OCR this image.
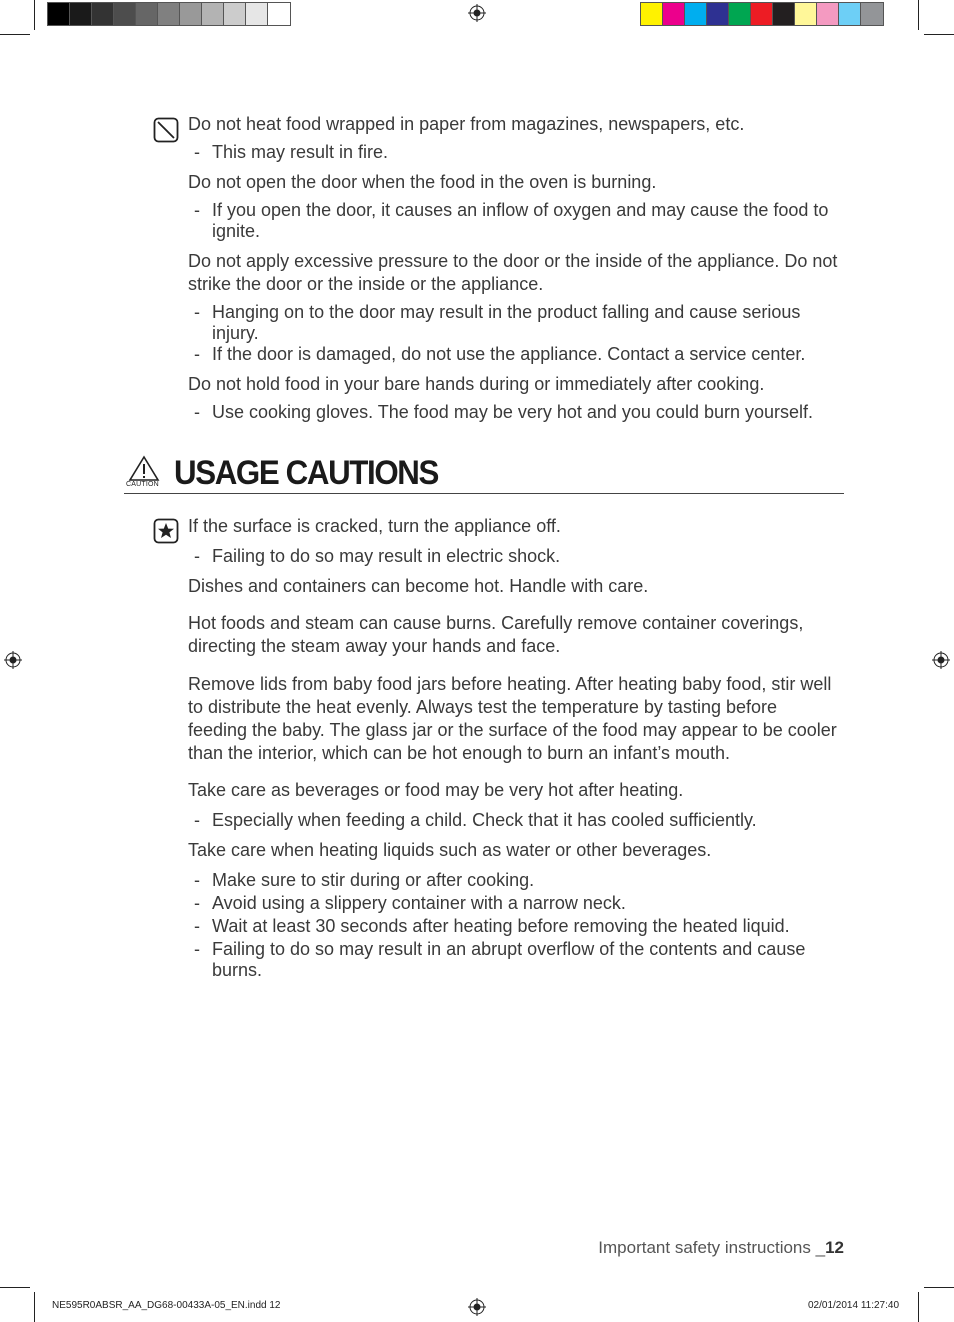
Do not heat food wrapped in paper from magazines, newspapers, etc.
- This may result in fire.
Do not open the door when the food in the oven is burning.
- If you open the door, it causes an inflow of oxygen and may cause the food to ignite.
Do not apply excessive pressure to the door or the inside of the appliance. Do not strike the door or the inside or the appliance.
- Hanging on to the door may result in the product falling and cause serious injury.
- If the door is damaged, do not use the appliance. Contact a service center.
Do not hold food in your bare hands during or immediately after cooking.
- Use cooking gloves. The food may be very hot and you could burn yourself.
CAUTION USAGE CAUTIONS
If the surface is cracked, turn the appliance off.
- Failing to do so may result in electric shock.
Dishes and containers can become hot. Handle with care.
Hot foods and steam can cause burns. Carefully remove container coverings, directing the steam away your hands and face.
Remove lids from baby food jars before heating. After heating baby food, stir well to distribute the heat evenly. Always test the temperature by tasting before feeding the baby. The glass jar or the surface of the food may appear to be cooler than the interior, which can be hot enough to burn an infant’s mouth.
Take care as beverages or food may be very hot after heating.
- Especially when feeding a child. Check that it has cooled sufficiently.
Take care when heating liquids such as water or other beverages.
- Make sure to stir during or after cooking.
- Avoid using a slippery container with a narrow neck.
- Wait at least 30 seconds after heating before removing the heated liquid.
- Failing to do so may result in an abrupt overflow of the contents and cause burns.
Important safety instructions _12
NE595R0ABSR_AA_DG68-00433A-05_EN.indd 12	02/01/2014 11:27:40
